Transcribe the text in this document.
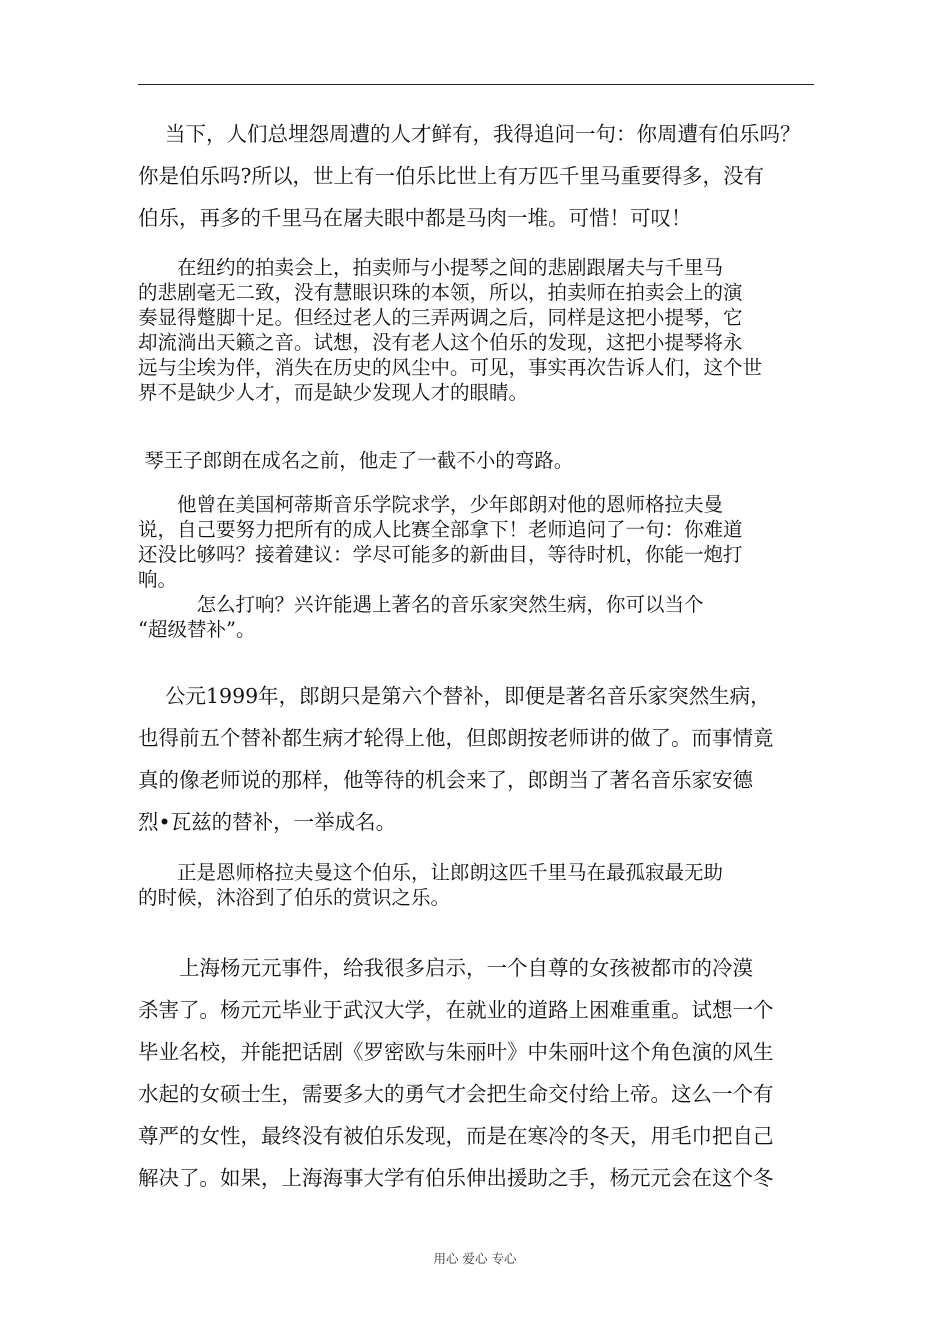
　 当下，人们总埋怨周遭的人才鲜有，我得追问一句：你周遭有伯乐吗？
你是伯乐吗?所以，世上有一伯乐比世上有万匹千里马重要得多，没有
伯乐，再多的千里马在屠夫眼中都是马肉一堆。可惜！可叹！
　　在纽约的拍卖会上，拍卖师与小提琴之间的悲剧跟屠夫与千里马
的悲剧毫无二致，没有慧眼识珠的本领，所以，拍卖师在拍卖会上的演
奏显得蹩脚十足。但经过老人的三弄两调之后，同样是这把小提琴，它
却流淌出天籁之音。试想，没有老人这个伯乐的发现，这把小提琴将永
远与尘埃为伴，消失在历史的风尘中。可见，事实再次告诉人们，这个世
界不是缺少人才，而是缺少发现人才的眼睛。
琴王子郎朗在成名之前，他走了一截不小的弯路。
　　他曾在美国柯蒂斯音乐学院求学，少年郎朗对他的恩师格拉夫曼
说，自己要努力把所有的成人比赛全部拿下！老师追问了一句：你难道
还没比够吗？接着建议：学尽可能多的新曲目，等待时机，你能一炮打
响。
　　　怎么打响？兴许能遇上著名的音乐家突然生病，你可以当个
“超级替补”。
　 公元1999年，郎朗只是第六个替补，即便是著名音乐家突然生病，
也得前五个替补都生病才轮得上他，但郎朗按老师讲的做了。而事情竟
真的像老师说的那样，他等待的机会来了，郎朗当了著名音乐家安德
烈•瓦兹的替补，一举成名。
　　正是恩师格拉夫曼这个伯乐，让郎朗这匹千里马在最孤寂最无助
的时候，沐浴到了伯乐的赏识之乐。
　　上海杨元元事件，给我很多启示，一个自尊的女孩被都市的冷漠
杀害了。杨元元毕业于武汉大学，在就业的道路上困难重重。试想一个
毕业名校，并能把话剧《罗密欧与朱丽叶》中朱丽叶这个角色演的风生
水起的女硕士生，需要多大的勇气才会把生命交付给上帝。这么一个有
尊严的女性，最终没有被伯乐发现，而是在寒冷的冬天，用毛巾把自己
解决了。如果，上海海事大学有伯乐伸出援助之手，杨元元会在这个冬
用心 爱心 专心
